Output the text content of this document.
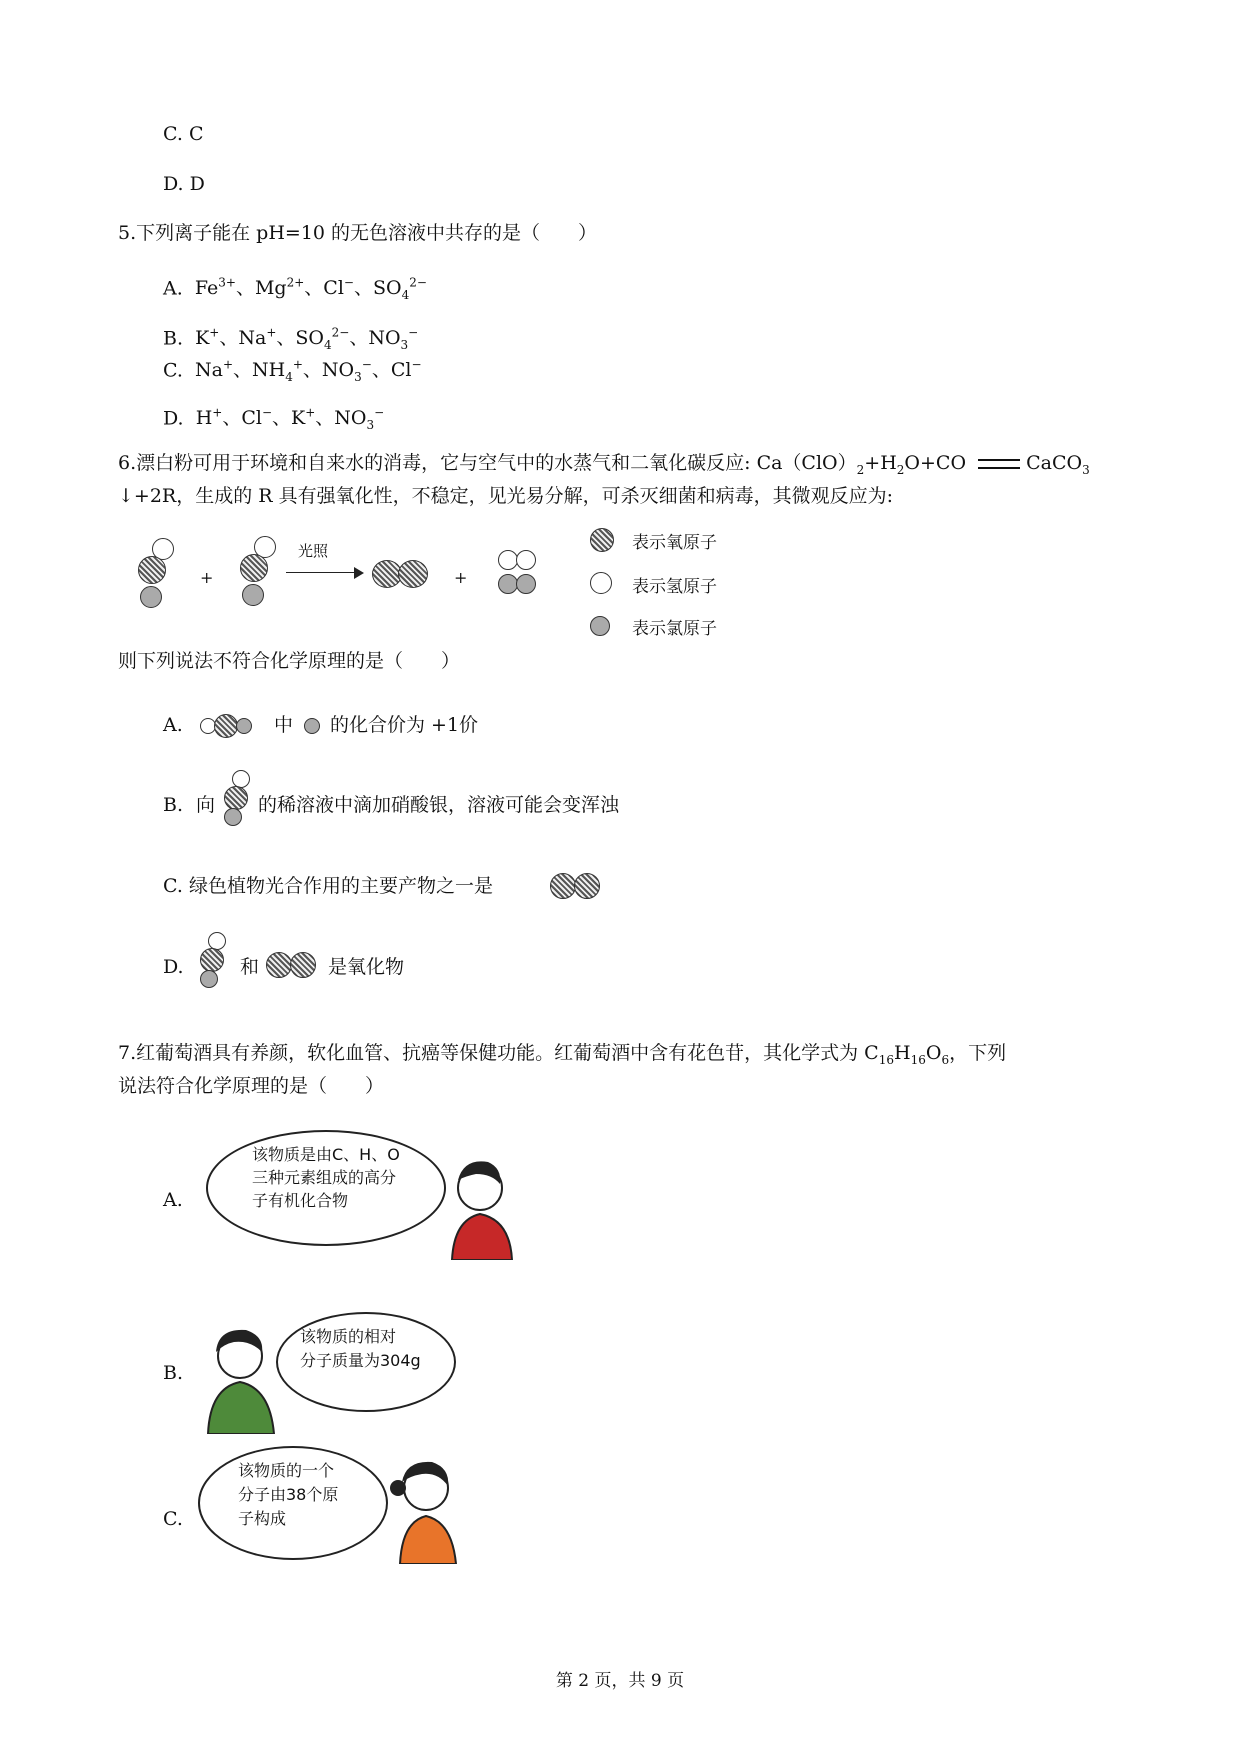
C. C
D. D
5.下列离子能在 pH=10 的无色溶液中共存的是（　　）
A.  $Fe^{3+}$、$Mg^{2+}$、Cl−、$SO_4^{2-}$
B.  K+、Na+、$SO_4^{2-}$、$NO_3^-$
C.  Na+、$NH_4^+$、$NO_3^-$、Cl−
D.  H+、Cl−、K+、$NO_3^-$
6.漂白粉可用于环境和自来水的消毒，它与空气中的水蒸气和二氧化碳反应: $Ca(ClO)_2+H_2O+CO$	CaCO$_3$
↓+2R，生成的 R 具有强氧化性，不稳定，见光易分解，可杀灭细菌和病毒，其微观反应为:
+
光照
+
表示氧原子
表示氢原子
表示氯原子
则下列说法不符合化学原理的是（　　）
A.	中 的化合价为 +1价
B. 向 的稀溶液中滴加硝酸银，溶液可能会变浑浊
C. 绿色植物光合作用的主要产物之一是
D.	和	是氧化物
7.红葡萄酒具有养颜，软化血管、抗癌等保健功能。红葡萄酒中含有花色苷，其化学式为 $C_{16}H_{16}O_6$，下列
说法符合化学原理的是（　　）
A.
该物质是由C、H、O
三种元素组成的高分
子有机化合物
B.
该物质的相对
分子质量为304g
C.
该物质的一个
分子由38个原
子构成
第 2 页，共 9 页
